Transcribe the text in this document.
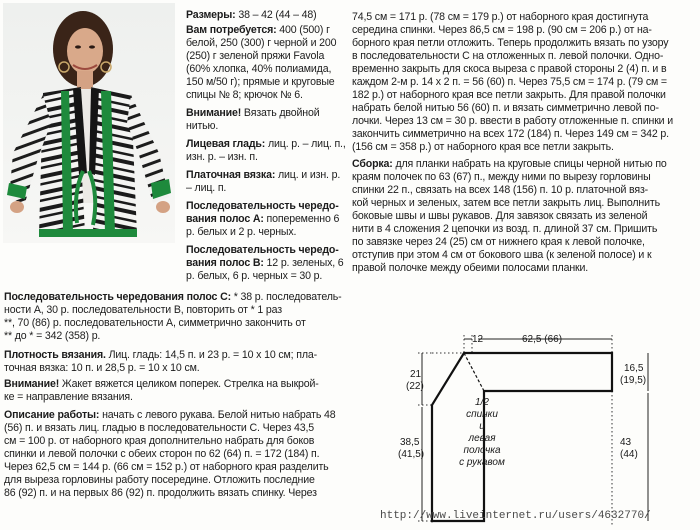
Размеры: 38 – 42 (44 – 48)
Вам потребуется: 400 (500) г
белой, 250 (300) г черной и 200
(250) г зеленой пряжи Favola
(60% хлопка, 40% полиамида,
150 м/50 г); прямые и круговые
спицы № 8; крючок № 6.
Внимание! Вязать двойной
нитью.
Лицевая гладь: лиц. р. – лиц. п.,
изн. р. – изн. п.
Платочная вязка: лиц. и изн. р.
– лиц. п.
Последовательность чередо-
вания полос А: попеременно 6
р. белых и 2 р. черных.
Последовательность чередо-
вания полос В: 12 р. зеленых, 6
р. белых, 6 р. черных = 30 р.
Последовательность чередования полос С: * 38 р. последователь-
ности А, 30 р. последовательности В, повторить от * 1 раз
**, 70 (86) р. последовательности А, симметрично закончить от
** до * = 342 (358) р.
Плотность вязания. Лиц. гладь: 14,5 п. и 23 р. = 10 x 10 см; пла-
точная вязка: 10 п. и 28,5 р. = 10 x 10 см.
Внимание! Жакет вяжется целиком поперек. Стрелка на выкрой-
ке = направление вязания.
Описание работы: начать с левого рукава. Белой нитью набрать 48
(56) п. и вязать лиц. гладью в последовательности С. Через 43,5
см = 100 р. от наборного края дополнительно набрать для боков
спинки и левой полочки с обеих сторон по 62 (64) п. = 172 (184) п.
Через 62,5 см = 144 р. (66 см = 152 р.) от наборного края разделить
для выреза горловины работу посередине. Отложить последние
86 (92) п. и на первых 86 (92) п. продолжить вязать спинку. Через
74,5 см = 171 р. (78 см = 179 р.) от наборного края достигнута
середина спинки. Через 86,5 см = 198 р. (90 см = 206 р.) от на-
борного края петли отложить. Теперь продолжить вязать по узору
в последовательности С на отложенных п. левой полочки. Одно-
временно закрыть для скоса выреза с правой стороны 2 (4) п. и в
каждом 2-м р. 14 x 2 п. = 56 (60) п. Через 75,5 см = 174 р. (79 см =
182 р.) от наборного края все петли закрыть. Для правой полочки
набрать белой нитью 56 (60) п. и вязать симметрично левой по-
лочки. Через 13 см = 30 р. ввести в работу отложенные п. спинки и
закончить симметрично на всех 172 (184) п. Через 149 см = 342 р.
(156 см = 358 р.) от наборного края все петли закрыть.
Сборка: для планки набрать на круговые спицы черной нитью по
краям полочек по 63 (67) п., между ними по вырезу горловины
спинки 22 п., связать на всех 148 (156) п. 10 р. платочной вяз-
кой черных и зеленых, затем все петли закрыть лиц. Выполнить
боковые швы и швы рукавов. Для завязок связать из зеленой
нити в 4 сложения 2 цепочки из возд. п. длиной 37 см. Пришить
по завязке через 24 (25) см от нижнего края к левой полочке,
отступив при этом 4 см от бокового шва (к зеленой полосе) и к
правой полочке между обеими полосами планки.
12	62,5 (66)
21
(22)
16,5
(19,5)
38,5
(41,5)
43
(44)
1/2
спинки
и
левая
полочка
с рукавом
http://www.liveinternet.ru/users/4632770/
